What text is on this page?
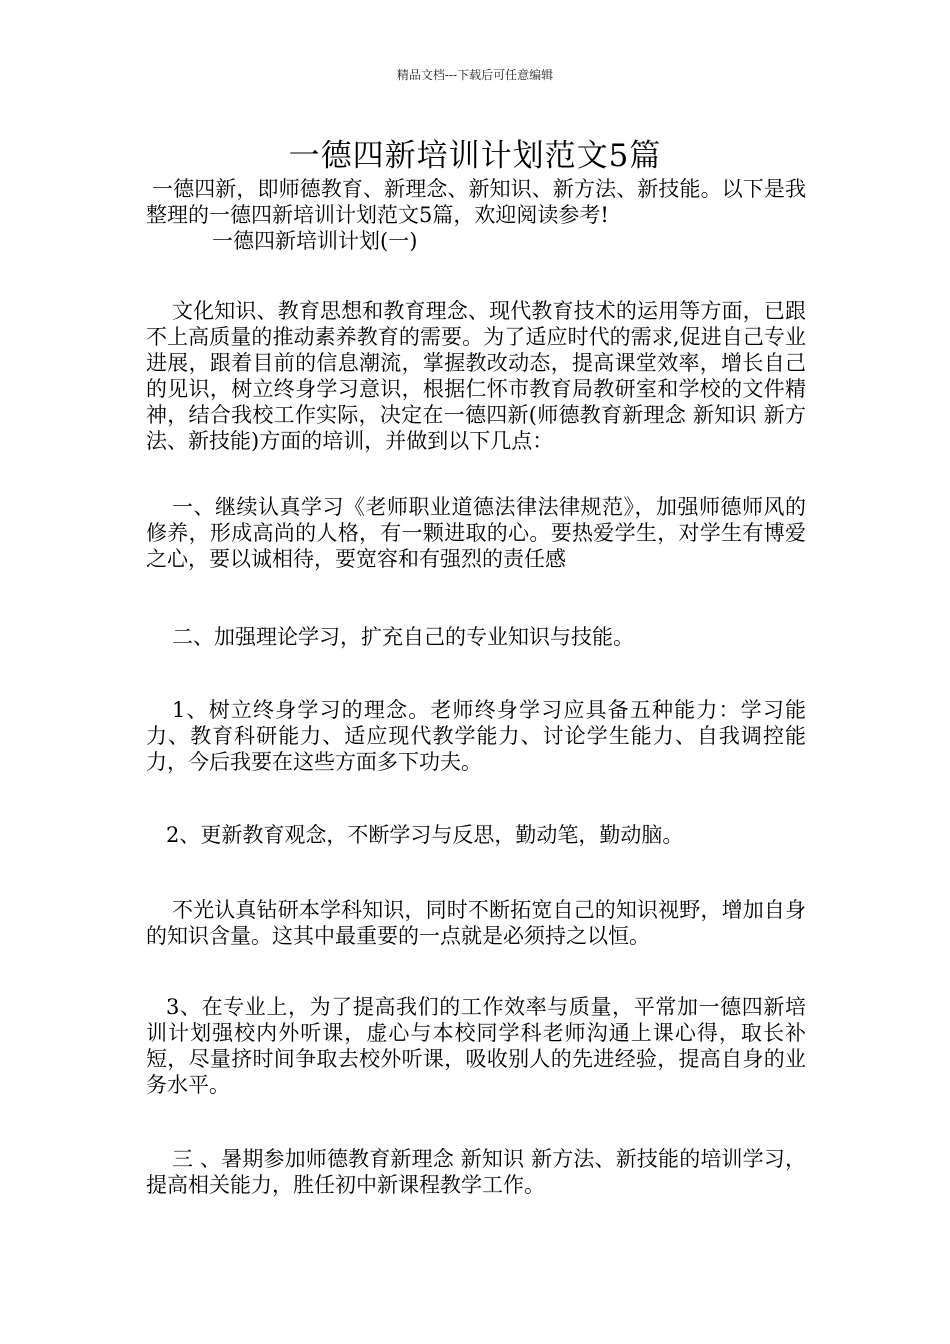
精品文档---下载后可任意编辑
一德四新培训计划范文5篇

一德四新，即师德教育、新理念、新知识、新方法、新技能。以下是我整理的一德四新培训计划范文5篇，欢迎阅读参考!

一德四新培训计划(一)

文化知识、教育思想和教育理念、现代教育技术的运用等方面，已跟不上高质量的推动素养教育的需要。为了适应时代的需求,促进自己专业进展，跟着目前的信息潮流，掌握教改动态，提高课堂效率，增长自己的见识，树立终身学习意识，根据仁怀市教育局教研室和学校的文件精神，结合我校工作实际，决定在一德四新(师德教育新理念 新知识 新方法、新技能)方面的培训，并做到以下几点：

一、继续认真学习《老师职业道德法律法律规范》，加强师德师风的修养，形成高尚的人格，有一颗进取的心。要热爱学生，对学生有博爱之心，要以诚相待，要宽容和有强烈的责任感

二、加强理论学习，扩充自己的专业知识与技能。

1、树立终身学习的理念。老师终身学习应具备五种能力：学习能力、教育科研能力、适应现代教学能力、讨论学生能力、自我调控能力，今后我要在这些方面多下功夫。

2、更新教育观念，不断学习与反思，勤动笔，勤动脑。

不光认真钻研本学科知识，同时不断拓宽自己的知识视野，增加自身的知识含量。这其中最重要的一点就是必须持之以恒。

3、在专业上，为了提高我们的工作效率与质量，平常加一德四新培训计划强校内外听课，虚心与本校同学科老师沟通上课心得，取长补短，尽量挤时间争取去校外听课，吸收别人的先进经验，提高自身的业务水平。

三 、暑期参加师德教育新理念 新知识 新方法、新技能的培训学习，提高相关能力，胜任初中新课程教学工作。
